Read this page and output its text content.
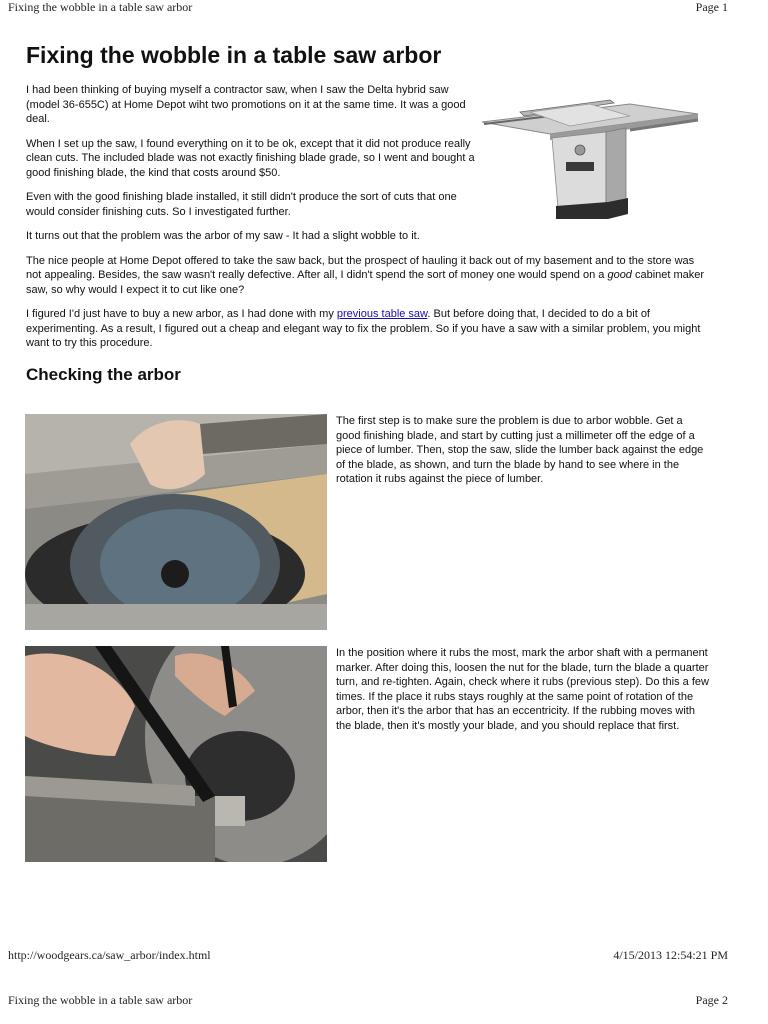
Fixing the wobble in a table saw arbor	Page 1
Fixing the wobble in a table saw arbor

I had been thinking of buying myself a contractor saw, when I saw the Delta hybrid saw (model 36-655C) at Home Depot wiht two promotions on it at the same time. It was a good deal.

When I set up the saw, I found everything on it to be ok, except that it did not produce really clean cuts. The included blade was not exactly finishing blade grade, so I went and bought a good finishing blade, the kind that costs around $50.

Even with the good finishing blade installed, it still didn't produce the sort of cuts that one would consider finishing cuts. So I investigated further.

It turns out that the problem was the arbor of my saw - It had a slight wobble to it.

The nice people at Home Depot offered to take the saw back, but the prospect of hauling it back out of my basement and to the store was not appealing. Besides, the saw wasn't really defective. After all, I didn't spend the sort of money one would spend on a good cabinet maker saw, so why would I expect it to cut like one?

I figured I'd just have to buy a new arbor, as I had done with my previous table saw. But before doing that, I decided to do a bit of experimenting. As a result, I figured out a cheap and elegant way to fix the problem. So if you have a saw with a similar problem, you might want to try this procedure.

Checking the arbor

The first step is to make sure the problem is due to arbor wobble. Get a good finishing blade, and start by cutting just a millimeter off the edge of a piece of lumber. Then, stop the saw, slide the lumber back against the edge of the blade, as shown, and turn the blade by hand to see where in the rotation it rubs against the piece of lumber.

In the position where it rubs the most, mark the arbor shaft with a permanent marker. After doing this, loosen the nut for the blade, turn the blade a quarter turn, and re-tighten. Again, check where it rubs (previous step). Do this a few times. If the place it rubs stays roughly at the same point of rotation of the arbor, then it's the arbor that has an eccentricity. If the rubbing moves with the blade, then it's mostly your blade, and you should replace that first.

http://woodgears.ca/saw_arbor/index.html	4/15/2013 12:54:21 PM
Fixing the wobble in a table saw arbor	Page 2
